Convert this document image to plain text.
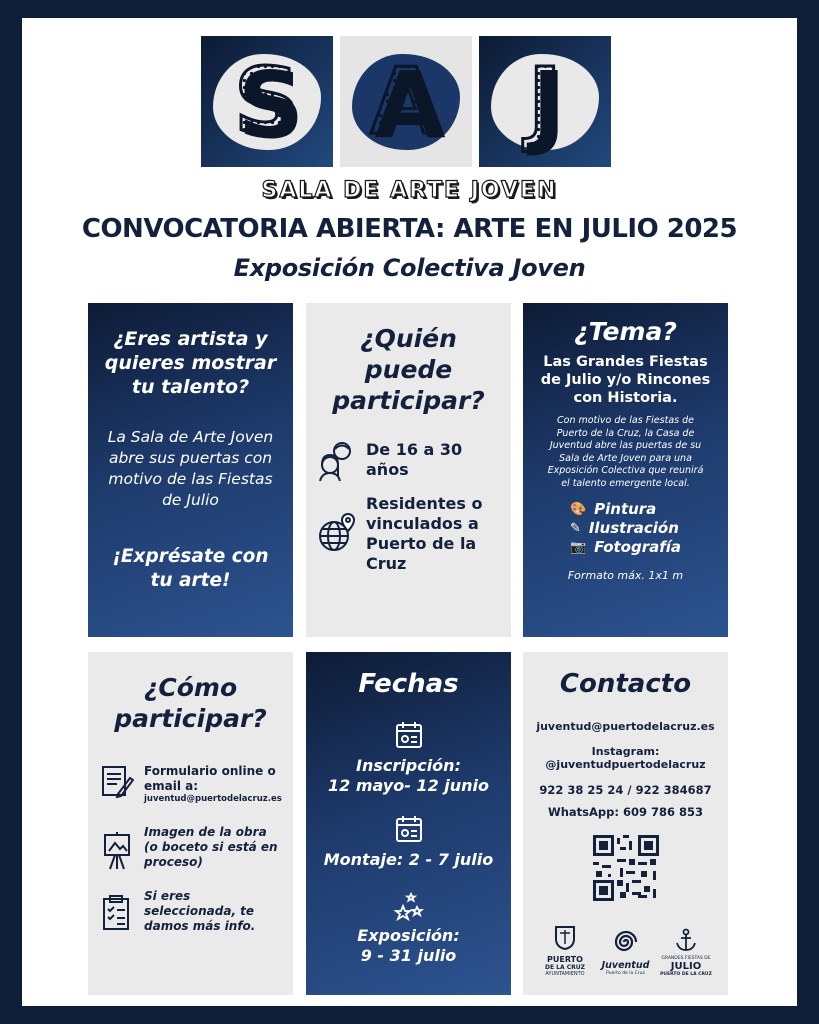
S A J
SALA DE ARTE JOVEN
CONVOCATORIA ABIERTA: ARTE EN JULIO 2025
Exposición Colectiva Joven
¿Eres artista y quieres mostrar tu talento?

La Sala de Arte Joven abre sus puertas con motivo de las Fiestas de Julio

¡Exprésate con tu arte!

¿Quién puede participar?
De 16 a 30 años
Residentes o vinculados a Puerto de la Cruz
¿Tema?

Las Grandes Fiestas de Julio y/o Rincones con Historia.

Con motivo de las Fiestas de Puerto de la Cruz, la Casa de Juventud abre las puertas de su Sala de Arte Joven para una Exposición Colectiva que reunirá el talento emergente local.

🎨 Pintura
✎ Ilustración
📷 Fotografía

Formato máx. 1x1 m

¿Cómo participar?
Formulario online o email a:
juventud@puertodelacruz.es
Imagen de la obra (o boceto si está en proceso)
Si eres seleccionada, te damos más info.
Fechas
Inscripción:
12 mayo- 12 junio
Montaje: 2 - 7 julio
Exposición:
9 - 31 julio
Contacto
juventud@puertodelacruz.es
Instagram:
@juventudpuertodelacruz
922 38 25 24 / 922 384687
WhatsApp: 609 786 853
PUERTO
DE LA CRUZ
AYUNTAMIENTO
Juventud
Puerto de la Cruz
GRANDES FIESTAS DE
JULIO
PUERTO DE LA CRUZ
